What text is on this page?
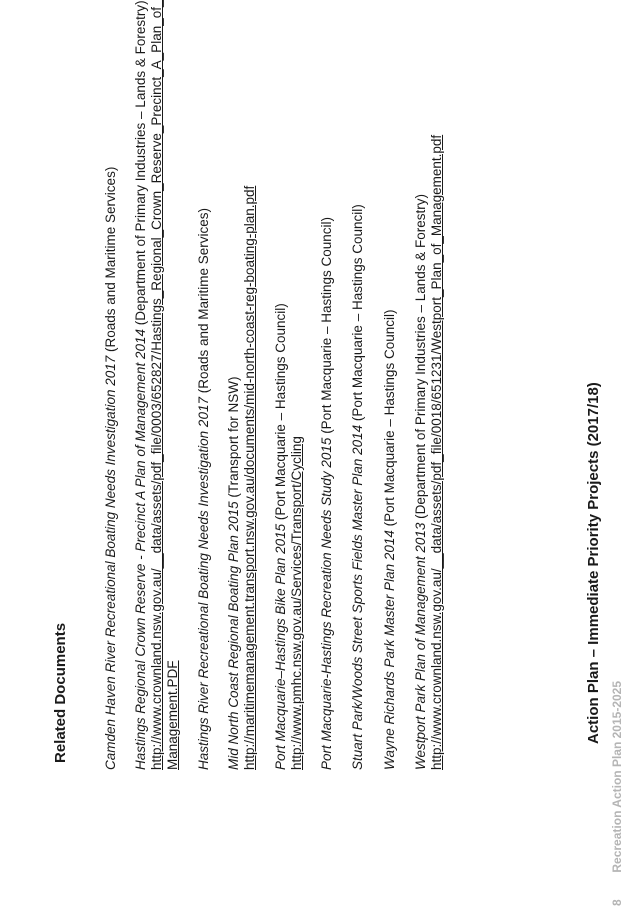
Related Documents	Camden Haven River Recreational Boating Needs Investigation 2017 (Roads and Maritime Services)
Hastings Regional Crown Reserve - Precinct A Plan of Management 2014 (Department of Primary Industries – Lands & Forestry) http://www.crownland.nsw.gov.au/__data/assets/pdf_file/0003/652827/Hastings_Regional_Crown_Reserve_Precinct_A_Plan_of_ Management.PDF Hastings River Recreational Boating Needs Investigation 2017 (Roads and Maritime Services)
Mid North Coast Regional Boating Plan 2015 (Transport for NSW) http://maritimemanagement.transport.nsw.gov.au/documents/mid-north-coast-reg-boating-plan.pdf Port Macquarie–Hastings Bike Plan 2015 (Port Macquarie – Hastings Council)
http://www.pmhc.nsw.gov.au/Services/Transport/Cycling Port Macquarie-Hastings Recreation Needs Study 2015 (Port Macquarie – Hastings Council)
Stuart Park/Woods Street Sports Fields Master Plan 2014 (Port Macquarie – Hastings Council)
Wayne Richards Park Master Plan 2014 (Port Macquarie – Hastings Council)
Westport Park Plan of Management 2013 (Department of Primary Industries – Lands & Forestry) http://www.crownland.nsw.gov.au/__data/assets/pdf_file/0018/651231/Westport_Plan_of_Management.pdf	Action Plan – Immediate Priority Projects (2017/18)
8  Recreation Action Plan 2015-2025
